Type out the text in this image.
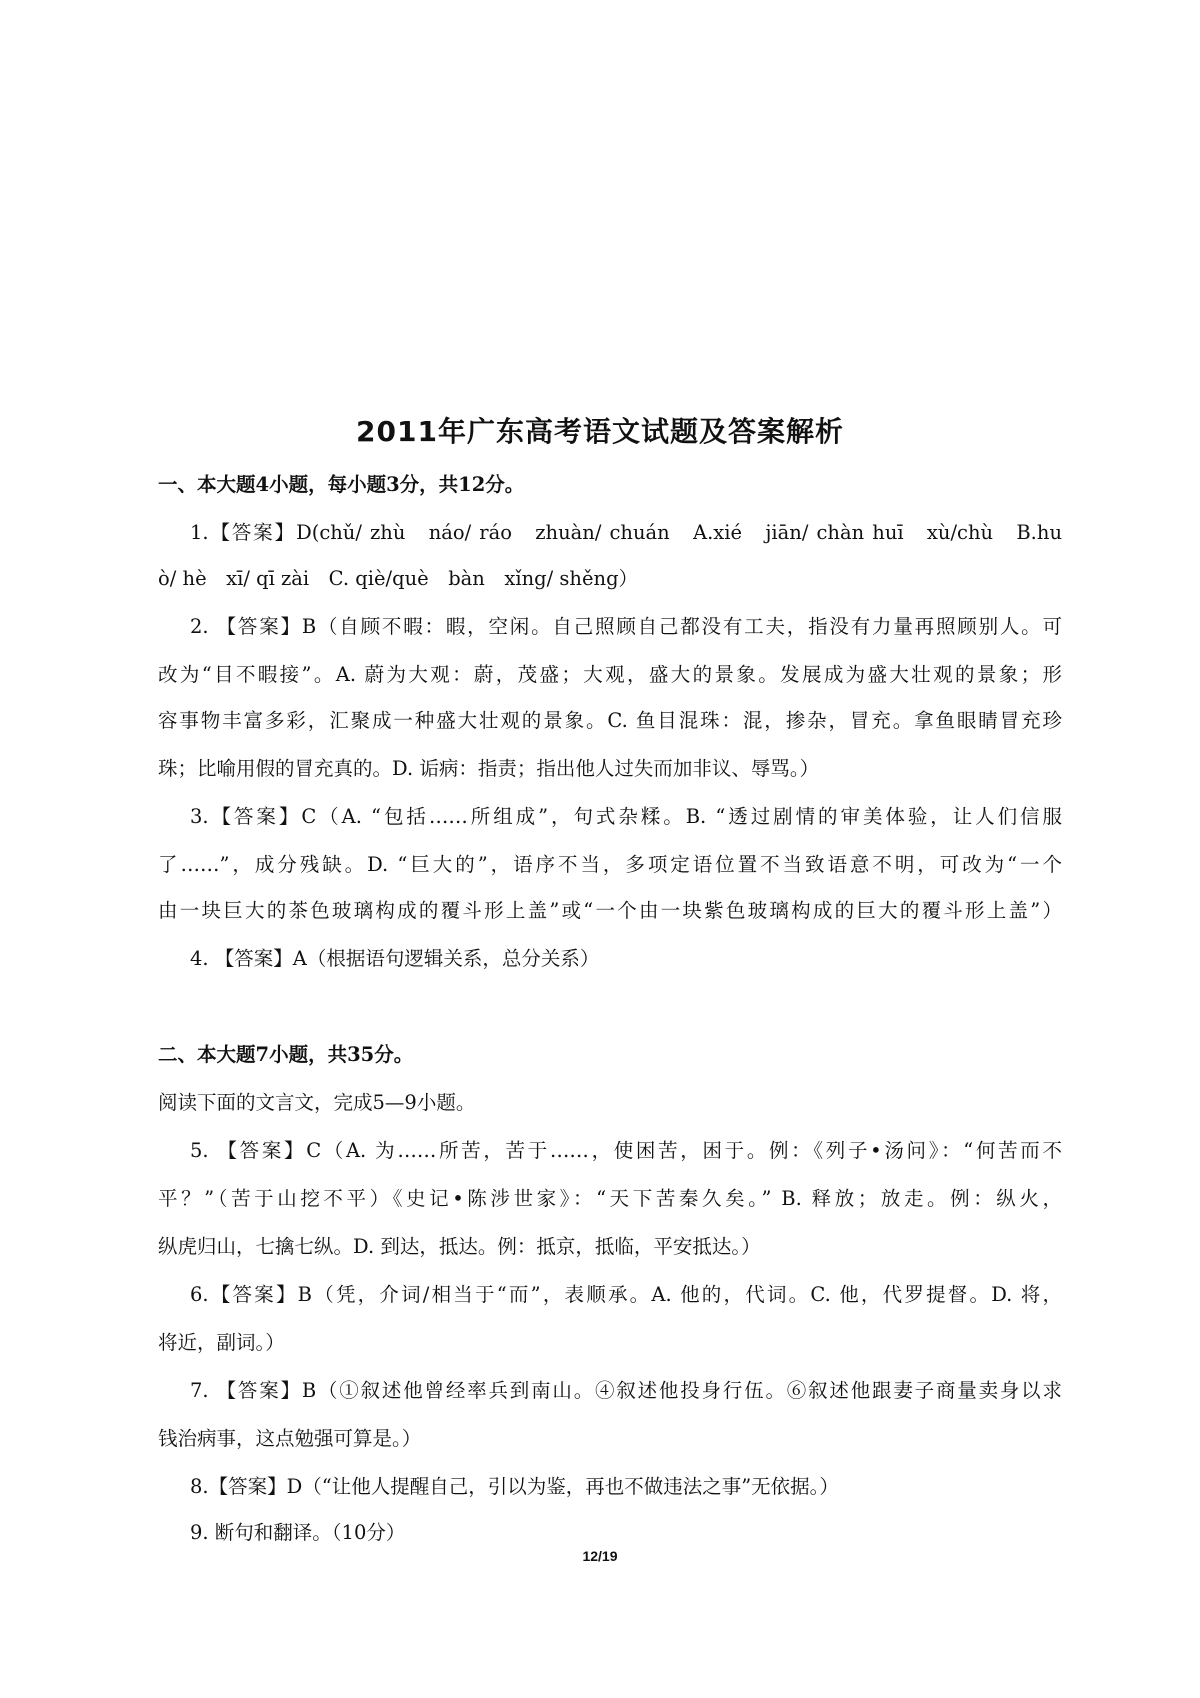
2011年广东高考语文试题及答案解析
一、本大题4小题，每小题3分，共12分。
1.【答案】D(chǔ/ zhù　náo/ ráo　zhuàn/ chuán　A.xié　jiān/ chàn huī　xù/chù　B.hu
ò/ hè　xī/ qī zài　C. qiè/què　bàn　xǐng/ shěng）
2. 【答案】B（自顾不暇：暇，空闲。自己照顾自己都没有工夫，指没有力量再照顾别人。可
改为“目不暇接”。A. 蔚为大观：蔚，茂盛；大观，盛大的景象。发展成为盛大壮观的景象；形
容事物丰富多彩，汇聚成一种盛大壮观的景象。C. 鱼目混珠：混，掺杂，冒充。拿鱼眼睛冒充珍
珠；比喻用假的冒充真的。D. 诟病：指责；指出他人过失而加非议、辱骂。）
3.【答案】C（A. “包括……所组成”，句式杂糅。B. “透过剧情的审美体验，让人们信服
了……”，成分残缺。D. “巨大的”，语序不当，多项定语位置不当致语意不明，可改为“一个
由一块巨大的茶色玻璃构成的覆斗形上盖”或“一个由一块紫色玻璃构成的巨大的覆斗形上盖”）
4. 【答案】A（根据语句逻辑关系，总分关系）
二、本大题7小题，共35分。
阅读下面的文言文，完成5—9小题。
5. 【答案】C（A. 为……所苦，苦于……，使困苦，困于。例：《列子•汤问》：“何苦而不
平？”（苦于山挖不平）《史记•陈涉世家》：“天下苦秦久矣。” B. 释放；放走。例：纵火，
纵虎归山，七擒七纵。D. 到达，抵达。例：抵京，抵临，平安抵达。）
6.【答案】B（凭，介词/相当于“而”，表顺承。A. 他的，代词。C. 他，代罗提督。D. 将，
将近，副词。）
7. 【答案】B（①叙述他曾经率兵到南山。④叙述他投身行伍。⑥叙述他跟妻子商量卖身以求
钱治病事，这点勉强可算是。）
8.【答案】D（“让他人提醒自己，引以为鉴，再也不做违法之事”无依据。）
9. 断句和翻译。（10分）
12/19
